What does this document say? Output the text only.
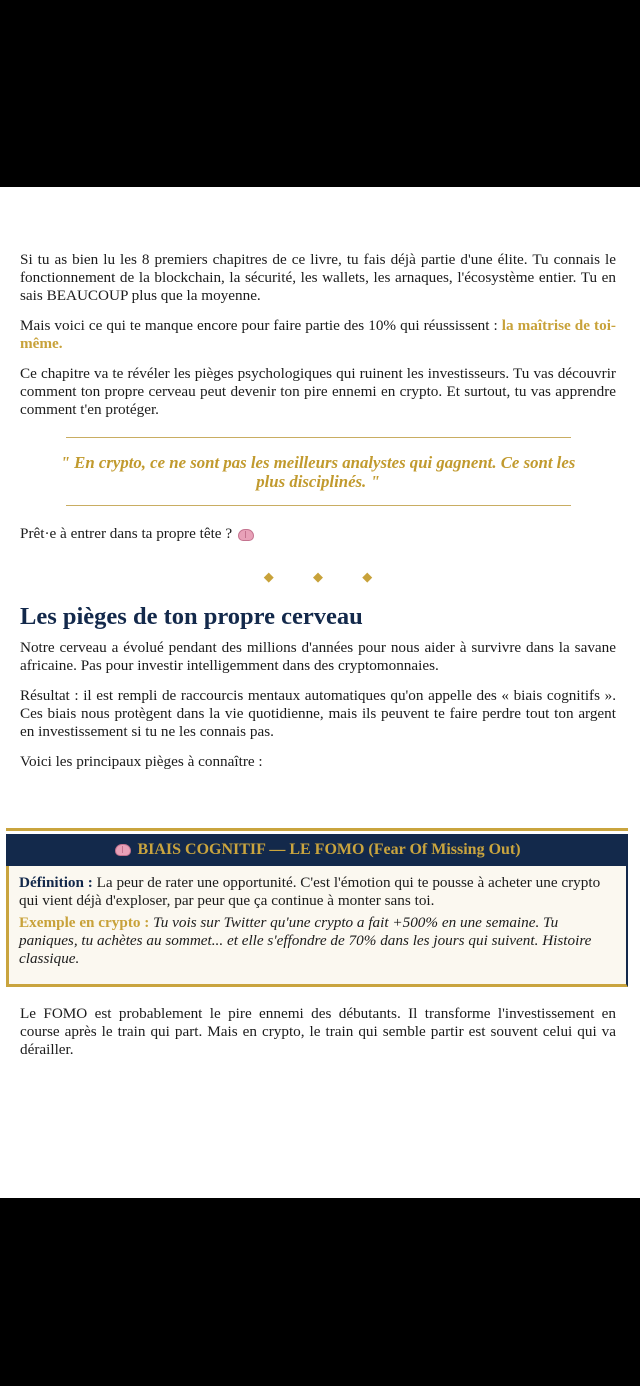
Si tu as bien lu les 8 premiers chapitres de ce livre, tu fais déjà partie d'une élite. Tu connais le fonctionnement de la blockchain, la sécurité, les wallets, les arnaques, l'écosystème entier. Tu en sais BEAUCOUP plus que la moyenne.

Mais voici ce qui te manque encore pour faire partie des 10% qui réussissent : la maîtrise de toi-même.

Ce chapitre va te révéler les pièges psychologiques qui ruinent les investisseurs. Tu vas découvrir comment ton propre cerveau peut devenir ton pire ennemi en crypto. Et surtout, tu vas apprendre comment t'en protéger.

" En crypto, ce ne sont pas les meilleurs analystes qui gagnent. Ce sont les plus disciplinés. "

Prêt·e à entrer dans ta propre tête ?

◆ ◆ ◆
Les pièges de ton propre cerveau

Notre cerveau a évolué pendant des millions d'années pour nous aider à survivre dans la savane africaine. Pas pour investir intelligemment dans des cryptomonnaies.

Résultat : il est rempli de raccourcis mentaux automatiques qu'on appelle des « biais cognitifs ». Ces biais nous protègent dans la vie quotidienne, mais ils peuvent te faire perdre tout ton argent en investissement si tu ne les connais pas.

Voici les principaux pièges à connaître :

BIAIS COGNITIF — LE FOMO (Fear Of Missing Out)

Définition : La peur de rater une opportunité. C'est l'émotion qui te pousse à acheter une crypto qui vient déjà d'exploser, par peur que ça continue à monter sans toi.

Exemple en crypto : Tu vois sur Twitter qu'une crypto a fait +500% en une semaine. Tu paniques, tu achètes au sommet... et elle s'effondre de 70% dans les jours qui suivent. Histoire classique.

Le FOMO est probablement le pire ennemi des débutants. Il transforme l'investissement en course après le train qui part. Mais en crypto, le train qui semble partir est souvent celui qui va dérailler.
